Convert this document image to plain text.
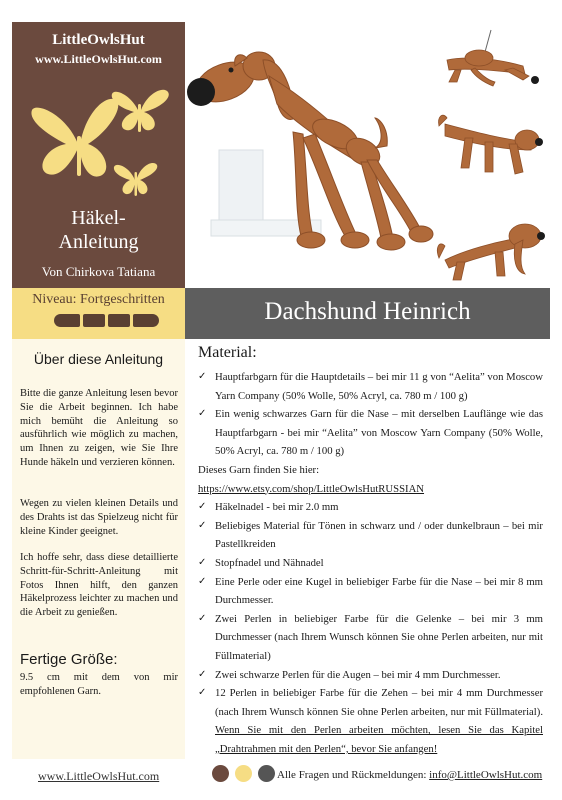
LittleOwlsHut
www.LittleOwlsHut.com
Häkel-
Anleitung
Von Chirkova Tatiana
Niveau: Fortgeschritten	Dachshund Heinrich
Über diese Anleitung
Bitte die ganze Anleitung lesen bevor Sie die Arbeit beginnen. Ich habe mich bemüht die Anleitung so ausführlich wie möglich zu machen, um Ihnen zu zeigen, wie Sie Ihre Hunde häkeln und verzieren können.
Wegen zu vielen kleinen Details und des Drahts ist das Spielzeug nicht für kleine Kinder geeignet.
Ich hoffe sehr, dass diese detaillierte Schritt-für-Schritt-Anleitung mit Fotos Ihnen hilft, den ganzen Häkelprozess leichter zu machen und die Arbeit zu genießen.
Fertige Größe:
9.5 cm mit dem von mir empfohlenen Garn.
Material:
✓ Hauptfarbgarn für die Hauptdetails – bei mir 11 g von “Aelita” von Moscow Yarn Company (50% Wolle, 50% Acryl, ca. 780 m / 100 g)
✓ Ein wenig schwarzes Garn für die Nase – mit derselben Lauflänge wie das Hauptfarbgarn - bei mir “Aelita” von Moscow Yarn Company (50% Wolle, 50% Acryl, ca. 780 m / 100 g)
Dieses Garn finden Sie hier:
https://www.etsy.com/shop/LittleOwlsHutRUSSIAN
✓ Häkelnadel - bei mir 2.0 mm
✓ Beliebiges Material für Tönen in schwarz und / oder dunkelbraun – bei mir Pastellkreiden
✓ Stopfnadel und Nähnadel
✓ Eine Perle oder eine Kugel in beliebiger Farbe für die Nase – bei mir 8 mm Durchmesser.
✓ Zwei Perlen in beliebiger Farbe für die Gelenke – bei mir 3 mm Durchmesser (nach Ihrem Wunsch können Sie ohne Perlen arbeiten, nur mit Füllmaterial)
✓ Zwei schwarze Perlen für die Augen – bei mir 4 mm Durchmesser.
✓ 12 Perlen in beliebiger Farbe für die Zehen – bei mir 4 mm Durchmesser (nach Ihrem Wunsch können Sie ohne Perlen arbeiten, nur mit Füllmaterial). Wenn Sie mit den Perlen arbeiten möchten, lesen Sie das Kapitel „Drahtrahmen mit den Perlen“, bevor Sie anfangen!
www.LittleOwlsHut.com	Alle Fragen und Rückmeldungen: info@LittleOwlsHut.com
